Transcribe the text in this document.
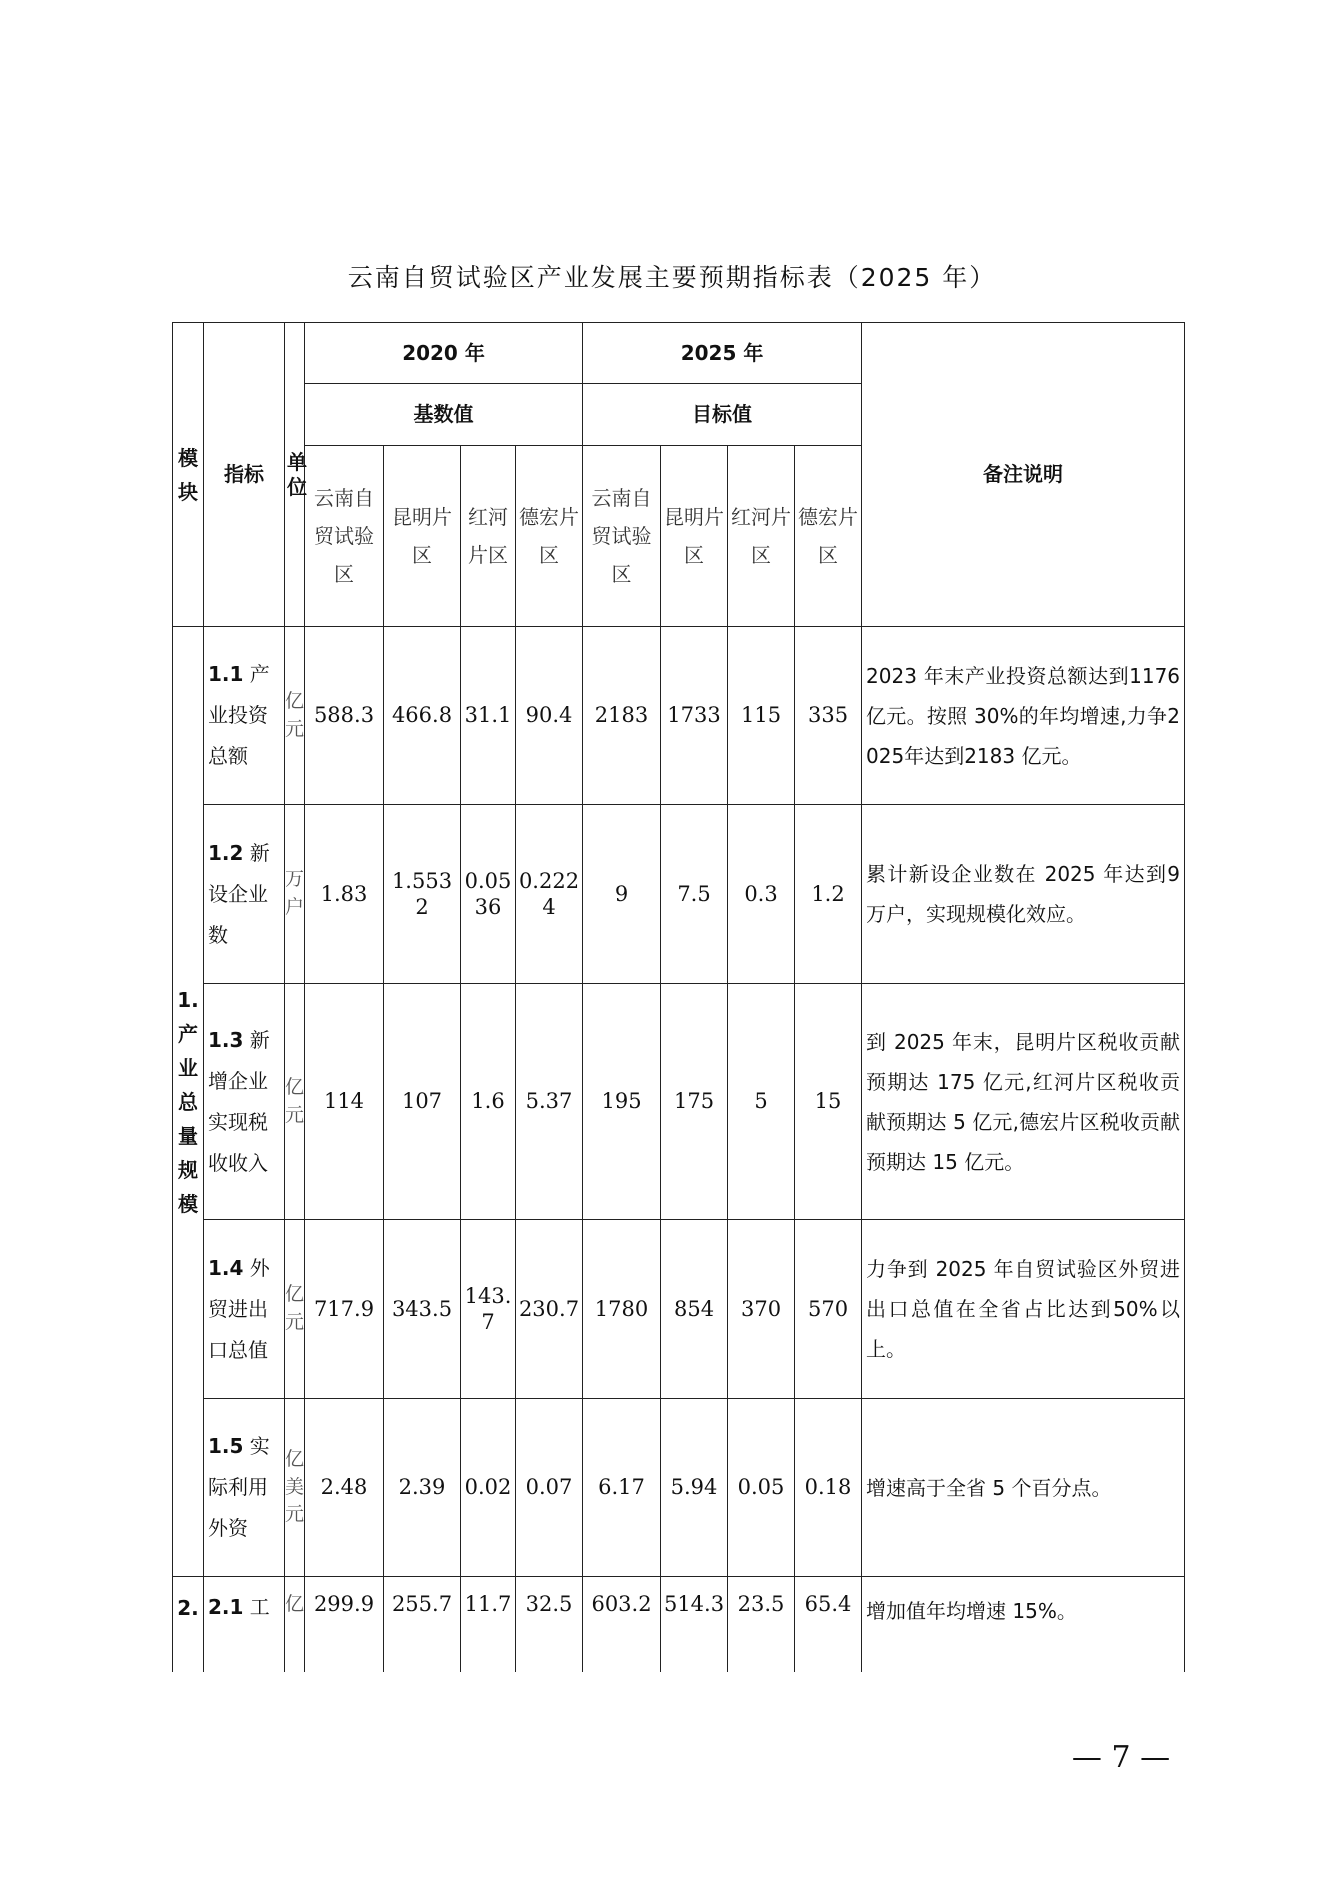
云南自贸试验区产业发展主要预期指标表（2025 年）
模块	指标	单位	2020 年				2025 年				备注说明
			基数值				目标值				
			云南自贸试验区	昆明片区	红河片区	德宏片区	云南自贸试验区	昆明片区	红河片区	德宏片区	
1.产业总量规模	1.1 产业投资总额	亿元	588.3	466.8	31.1	90.4	2183	1733	115	335	2023 年末产业投资总额达到1176 亿元。按照 30%的年均增速,力争2025年达到2183 亿元。
	1.2 新设企业数	万户	1.83	1.5532	0.0536	0.2224	9	7.5	0.3	1.2	累计新设企业数在 2025 年达到9 万户，实现规模化效应。
	1.3 新增企业实现税收收入	亿元	114	107	1.6	5.37	195	175	5	15	到 2025 年末，昆明片区税收贡献预期达 175 亿元,红河片区税收贡献预期达 5 亿元,德宏片区税收贡献预期达 15 亿元。
	1.4 外贸进出口总值	亿元	717.9	343.5	143.7	230.7	1780	854	370	570	力争到 2025 年自贸试验区外贸进出口总值在全省占比达到50%以上。
	1.5 实际利用外资	亿美元	2.48	2.39	0.02	0.07	6.17	5.94	0.05	0.18	增速高于全省 5 个百分点。
2.	2.1 工	亿	299.9	255.7	11.7	32.5	603.2	514.3	23.5	65.4	增加值年均增速 15%。
— 7 —
